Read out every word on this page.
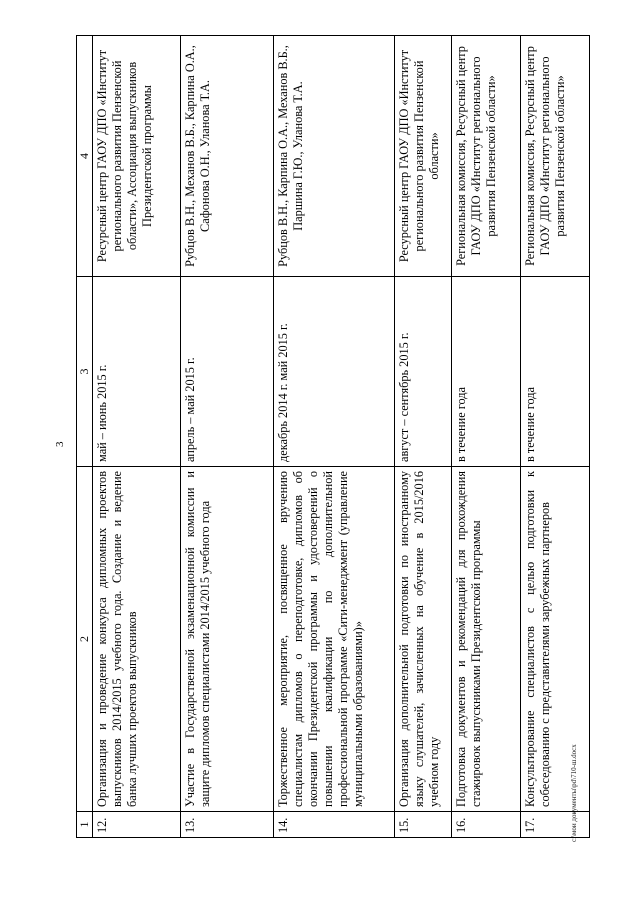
3
c:\мои документы\pd\710-ш.docx
1	2	3	4
12.	Организация и проведение конкурса дипломных проектов выпускников 2014/2015 учебного года. Создание и ведение банка лучших проектов выпускников	май – июнь 2015 г.	Ресурсный центр ГАОУ ДПО «Институт регионального развития Пензенской области», Ассоциация выпускников Президентской программы
13.	Участие в Государственной экзаменационной комиссии и защите дипломов специалистами 2014/2015 учебного года	апрель – май 2015 г.	Рубцов В.Н., Механов В.Б., Карпина О.А., Сафонова О.Н., Уланова Т.А.
14.	Торжественное мероприятие, посвященное вручению специалистам дипломов о переподготовке, дипломов об окончании Президентской программы и удостоверений о повышении квалификации по дополнительной профессиональной программе «Сити-менеджмент (управление муниципальными образованиями)»	декабрь 2014 г. май 2015 г.	Рубцов В.Н., Карпина О.А., Механов В.Б., Паршина Г.Ю., Уланова Т.А.
15.	Организация дополнительной подготовки по иностранному языку слушателей, зачисленных на обучение в 2015/2016 учебном году	август – сентябрь 2015 г.	Ресурсный центр ГАОУ ДПО «Институт регионального развития Пензенской области»
16.	Подготовка документов и рекомендаций для прохождения стажировок выпускниками Президентской программы	в течение года	Региональная комиссия, Ресурсный центр ГАОУ ДПО «Институт регионального развития Пензенской области»
17.	Консультирование специалистов с целью подготовки к собеседованию с представителями зарубежных партнеров	в течение года	Региональная комиссия, Ресурсный центр ГАОУ ДПО «Институт регионального развития Пензенской области»
